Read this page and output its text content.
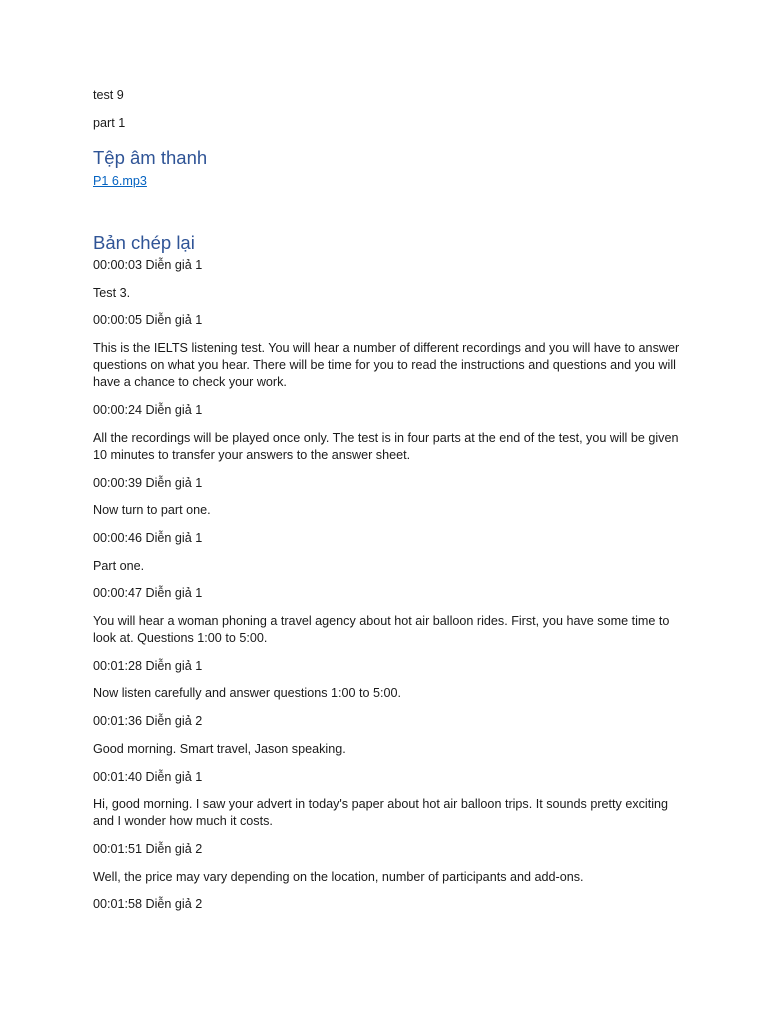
test 9

part 1

Tệp âm thanh
P1 6.mp3
Bản chép lại

00:00:03 Diễn giả 1

Test 3.

00:00:05 Diễn giả 1

This is the IELTS listening test. You will hear a number of different recordings and you will have to answer questions on what you hear. There will be time for you to read the instructions and questions and you will have a chance to check your work.

00:00:24 Diễn giả 1

All the recordings will be played once only. The test is in four parts at the end of the test, you will be given 10 minutes to transfer your answers to the answer sheet.

00:00:39 Diễn giả 1

Now turn to part one.

00:00:46 Diễn giả 1

Part one.

00:00:47 Diễn giả 1

You will hear a woman phoning a travel agency about hot air balloon rides. First, you have some time to look at. Questions 1:00 to 5:00.

00:01:28 Diễn giả 1

Now listen carefully and answer questions 1:00 to 5:00.

00:01:36 Diễn giả 2

Good morning. Smart travel, Jason speaking.

00:01:40 Diễn giả 1

Hi, good morning. I saw your advert in today's paper about hot air balloon trips. It sounds pretty exciting and I wonder how much it costs.

00:01:51 Diễn giả 2

Well, the price may vary depending on the location, number of participants and add-ons.

00:01:58 Diễn giả 2
